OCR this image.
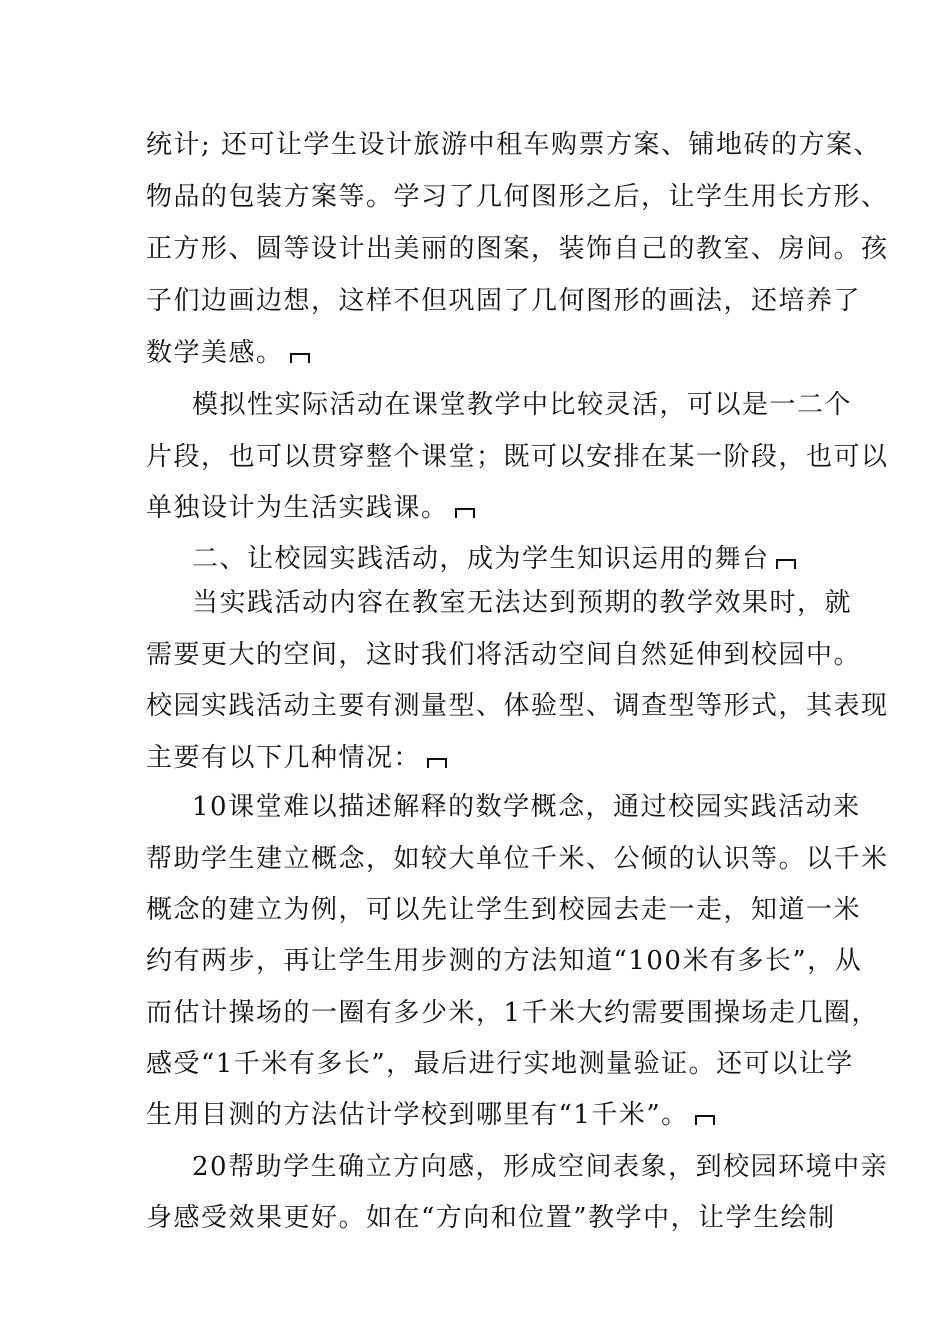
统计; 还可让学生设计旅游中租车购票方案、铺地砖的方案、
物品的包装方案等。学习了几何图形之后，让学生用长方形、
正方形、圆等设计出美丽的图案，装饰自己的教室、房间。孩
子们边画边想，这样不但巩固了几何图形的画法，还培养了
数学美感。
模拟性实际活动在课堂教学中比较灵活，可以是一二个
片段，也可以贯穿整个课堂；既可以安排在某一阶段，也可以
单独设计为生活实践课。
二、让校园实践活动，成为学生知识运用的舞台
当实践活动内容在教室无法达到预期的教学效果时，就
需要更大的空间，这时我们将活动空间自然延伸到校园中。
校园实践活动主要有测量型、体验型、调查型等形式，其表现
主要有以下几种情况：
10课堂难以描述解释的数学概念，通过校园实践活动来
帮助学生建立概念，如较大单位千米、公倾的认识等。以千米
概念的建立为例，可以先让学生到校园去走一走，知道一米
约有两步，再让学生用步测的方法知道“100米有多长”，从
而估计操场的一圈有多少米，1千米大约需要围操场走几圈，
感受“1千米有多长”，最后进行实地测量验证。还可以让学
生用目测的方法估计学校到哪里有“1千米”。
20帮助学生确立方向感，形成空间表象，到校园环境中亲
身感受效果更好。如在“方向和位置”教学中，让学生绘制
